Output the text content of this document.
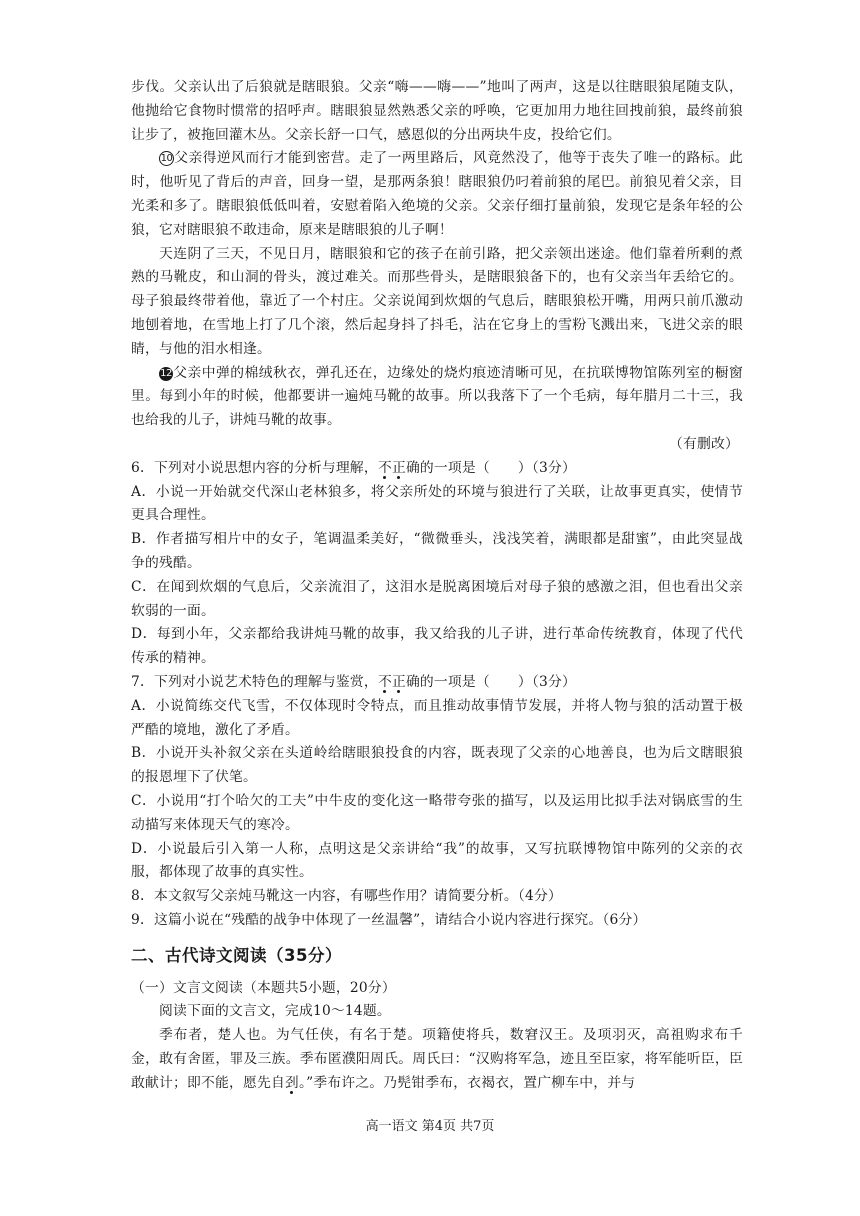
步伐。父亲认出了后狼就是瞎眼狼。父亲“嗨——嗨——”地叫了两声，这是以往瞎眼狼尾随支队，他抛给它食物时惯常的招呼声。瞎眼狼显然熟悉父亲的呼唤，它更加用力地往回拽前狼，最终前狼让步了，被拖回灌木丛。父亲长舒一口气，感恩似的分出两块牛皮，投给它们。

10 父亲得逆风而行才能到密营。走了一两里路后，风竟然没了，他等于丧失了唯一的路标。此时，他听见了背后的声音，回身一望，是那两条狼！瞎眼狼仍叼着前狼的尾巴。前狼见着父亲，目光柔和多了。瞎眼狼低低叫着，安慰着陷入绝境的父亲。父亲仔细打量前狼，发现它是条年轻的公狼，它对瞎眼狼不敢违命，原来是瞎眼狼的儿子啊！

天连阴了三天，不见日月，瞎眼狼和它的孩子在前引路，把父亲领出迷途。他们靠着所剩的煮熟的马靴皮，和山洞的骨头，渡过难关。而那些骨头，是瞎眼狼备下的，也有父亲当年丢给它的。母子狼最终带着他，靠近了一个村庄。父亲说闻到炊烟的气息后，瞎眼狼松开嘴，用两只前爪激动地刨着地，在雪地上打了几个滚，然后起身抖了抖毛，沾在它身上的雪粉飞溅出来，飞进父亲的眼睛，与他的泪水相逢。

12父亲中弹的棉绒秋衣，弹孔还在，边缘处的烧灼痕迹清晰可见，在抗联博物馆陈列室的橱窗里。每到小年的时候，他都要讲一遍炖马靴的故事。所以我落下了一个毛病，每年腊月二十三，我也给我的儿子，讲炖马靴的故事。

（有删改）

6．下列对小说思想内容的分析与理解，不正确的一项是（　　）（3分）

A．小说一开始就交代深山老林狼多，将父亲所处的环境与狼进行了关联，让故事更真实，使情节更具合理性。

B．作者描写相片中的女子，笔调温柔美好，“微微垂头，浅浅笑着，满眼都是甜蜜”，由此突显战争的残酷。

C．在闻到炊烟的气息后，父亲流泪了，这泪水是脱离困境后对母子狼的感激之泪，但也看出父亲软弱的一面。

D．每到小年，父亲都给我讲炖马靴的故事，我又给我的儿子讲，进行革命传统教育，体现了代代传承的精神。

7．下列对小说艺术特色的理解与鉴赏，不正确的一项是（　　）（3分）

A．小说简练交代飞雪，不仅体现时令特点，而且推动故事情节发展，并将人物与狼的活动置于极严酷的境地，激化了矛盾。

B．小说开头补叙父亲在头道岭给瞎眼狼投食的内容，既表现了父亲的心地善良，也为后文瞎眼狼的报恩埋下了伏笔。

C．小说用“打个哈欠的工夫”中牛皮的变化这一略带夸张的描写，以及运用比拟手法对锅底雪的生动描写来体现天气的寒冷。

D．小说最后引入第一人称，点明这是父亲讲给“我”的故事，又写抗联博物馆中陈列的父亲的衣服，都体现了故事的真实性。

8．本文叙写父亲炖马靴这一内容，有哪些作用？请简要分析。（4分）

9．这篇小说在“残酷的战争中体现了一丝温馨”，请结合小说内容进行探究。（6分）

二、古代诗文阅读（35分）

（一）文言文阅读（本题共5小题，20分）

阅读下面的文言文，完成10～14题。

季布者，楚人也。为气任侠，有名于楚。项籍使将兵，数窘汉王。及项羽灭，高祖购求布千金，敢有舍匿，罪及三族。季布匿濮阳周氏。周氏曰：“汉购将军急，迹且至臣家，将军能听臣，臣敢献计；即不能，愿先自刭。”季布许之。乃髡钳季布，衣褐衣，置广柳车中，并与

高一语文 第4页 共7页
